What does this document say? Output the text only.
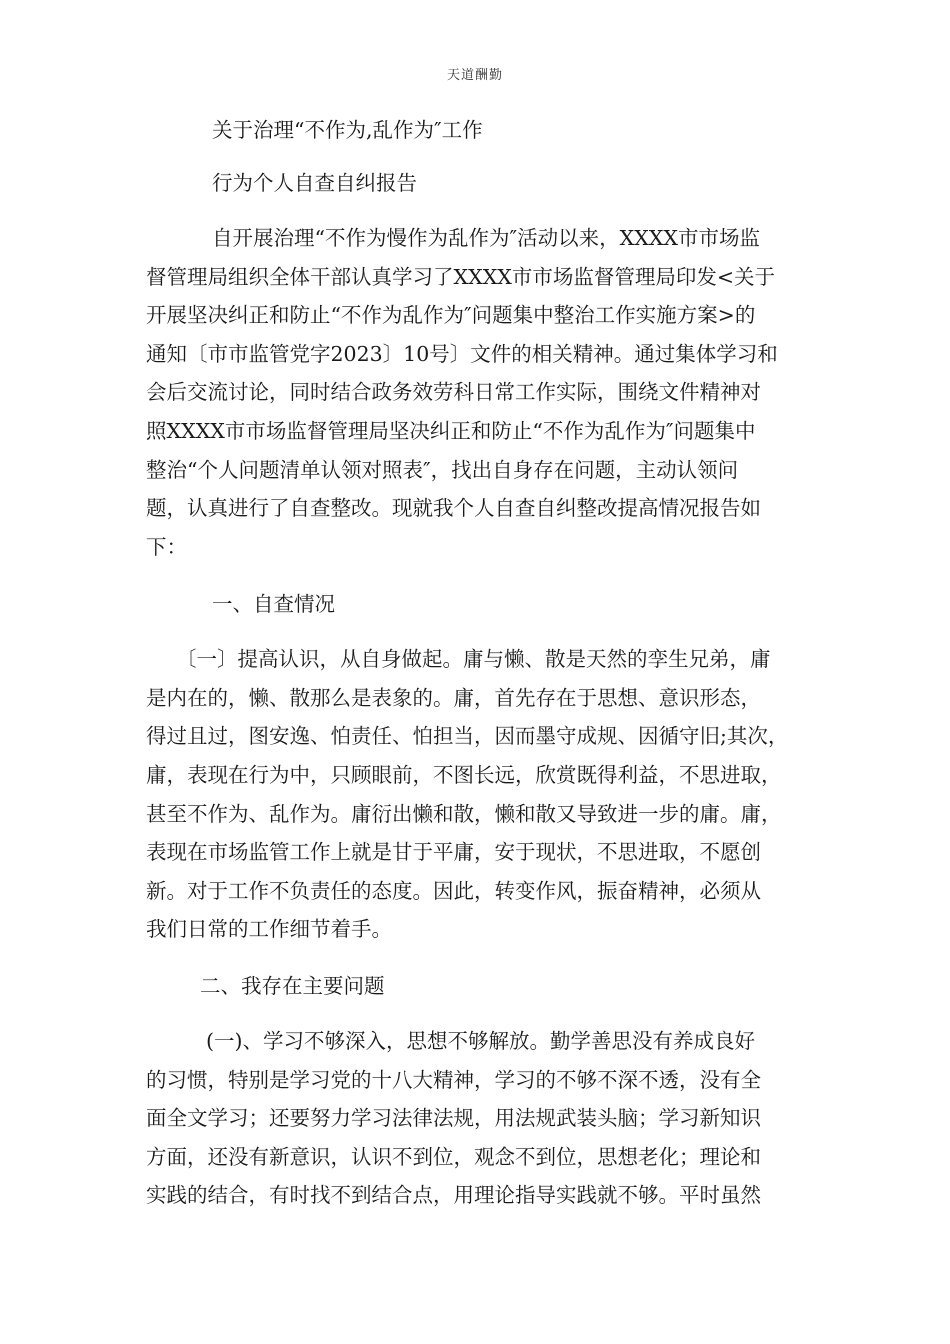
天道酬勤
关于治理“不作为,乱作为″工作
行为个人自查自纠报告
自开展治理“不作为慢作为乱作为″活动以来，XXXX市市场监
督管理局组织全体干部认真学习了XXXX市市场监督管理局印发<关于
开展坚决纠正和防止“不作为乱作为″问题集中整治工作实施方案>的
通知〔市市监管党字2023〕10号〕文件的相关精神。通过集体学习和
会后交流讨论，同时结合政务效劳科日常工作实际，围绕文件精神对
照XXXX市市场监督管理局坚决纠正和防止“不作为乱作为″问题集中
整治“个人问题清单认领对照表″，找出自身存在问题，主动认领问
题，认真进行了自查整改。现就我个人自查自纠整改提高情况报告如
下：
一、自查情况
〔一〕提高认识，从自身做起。庸与懒、散是天然的孪生兄弟，庸
是内在的，懒、散那么是表象的。庸，首先存在于思想、意识形态，
得过且过，图安逸、怕责任、怕担当，因而墨守成规、因循守旧;其次，
庸，表现在行为中，只顾眼前，不图长远，欣赏既得利益，不思进取，
甚至不作为、乱作为。庸衍出懒和散，懒和散又导致进一步的庸。庸，
表现在市场监管工作上就是甘于平庸，安于现状，不思进取，不愿创
新。对于工作不负责任的态度。因此，转变作风，振奋精神，必须从
我们日常的工作细节着手。
二、我存在主要问题
(一)、学习不够深入，思想不够解放。勤学善思没有养成良好
的习惯，特别是学习党的十八大精神，学习的不够不深不透，没有全
面全文学习；还要努力学习法律法规，用法规武装头脑；学习新知识
方面，还没有新意识，认识不到位，观念不到位，思想老化；理论和
实践的结合，有时找不到结合点，用理论指导实践就不够。平时虽然
